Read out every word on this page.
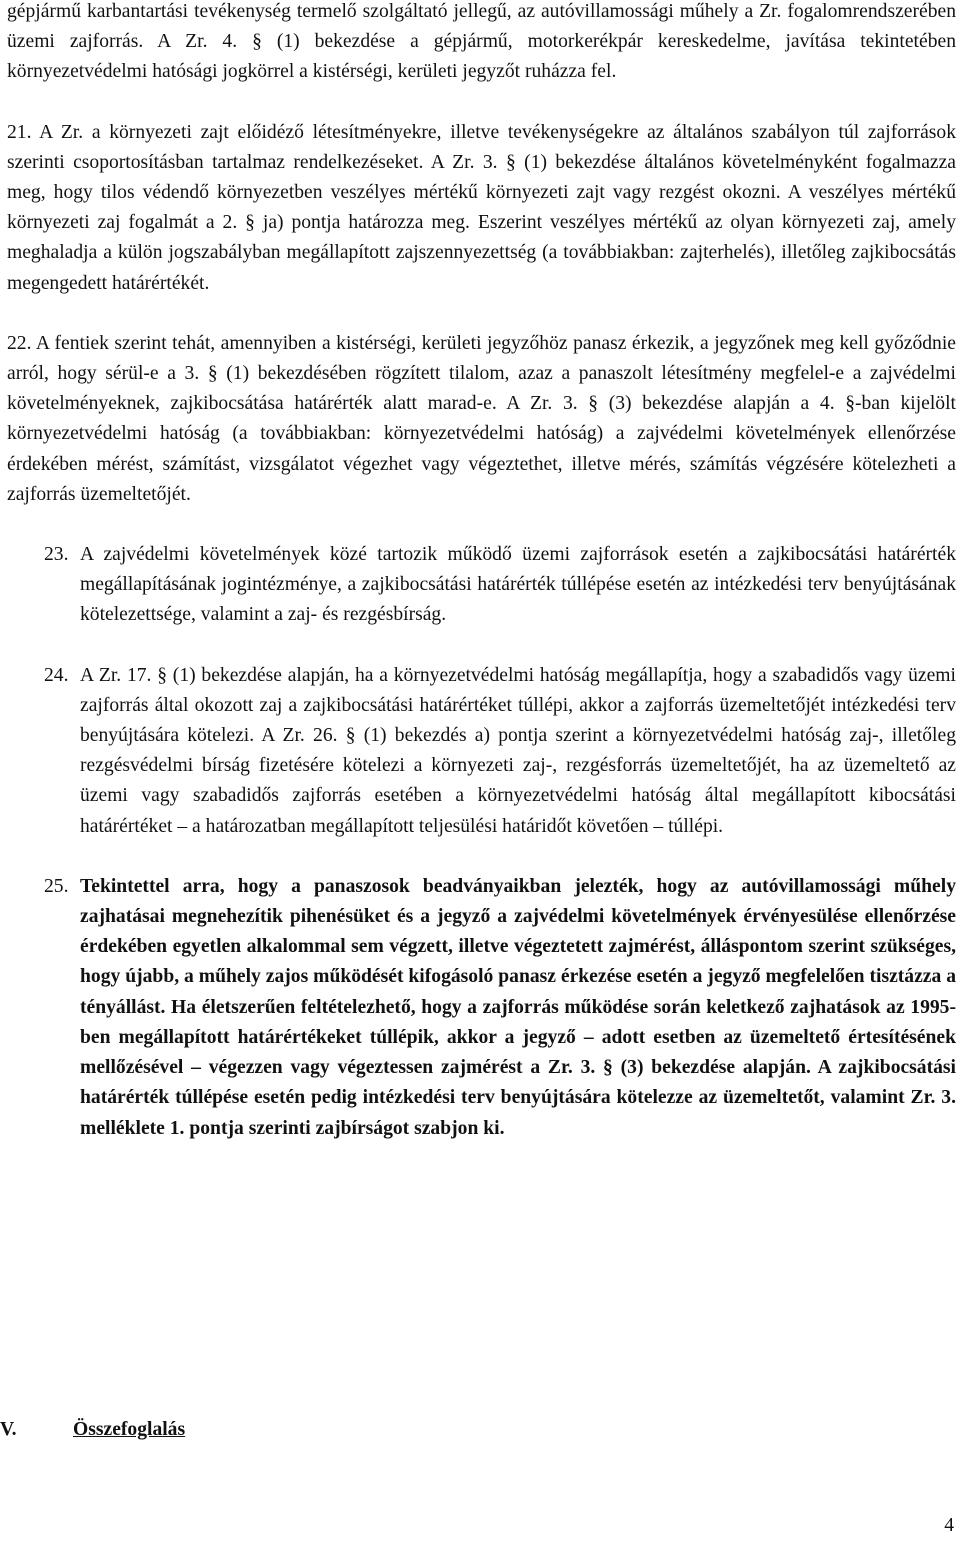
gépjármű karbantartási tevékenység termelő szolgáltató jellegű, az autóvillamossági műhely a Zr. fogalomrendszerében üzemi zajforrás. A Zr. 4. § (1) bekezdése a gépjármű, motorkerékpár kereskedelme, javítása tekintetében környezetvédelmi hatósági jogkörrel a kistérségi, kerületi jegyzőt ruházza fel.

21. A Zr. a környezeti zajt előidéző létesítményekre, illetve tevékenységekre az általános szabályon túl zajforrások szerinti csoportosításban tartalmaz rendelkezéseket. A Zr. 3. § (1) bekezdése általános követelményként fogalmazza meg, hogy tilos védendő környezetben veszélyes mértékű környezeti zajt vagy rezgést okozni. A veszélyes mértékű környezeti zaj fogalmát a 2. § ja) pontja határozza meg. Eszerint veszélyes mértékű az olyan környezeti zaj, amely meghaladja a külön jogszabályban megállapított zajszennyezettség (a továbbiakban: zajterhelés), illetőleg zajkibocsátás megengedett határértékét.

22. A fentiek szerint tehát, amennyiben a kistérségi, kerületi jegyzőhöz panasz érkezik, a jegyzőnek meg kell győződnie arról, hogy sérül-e a 3. § (1) bekezdésében rögzített tilalom, azaz a panaszolt létesítmény megfelel-e a zajvédelmi követelményeknek, zajkibocsátása határérték alatt marad-e. A Zr. 3. § (3) bekezdése alapján a 4. §-ban kijelölt környezetvédelmi hatóság (a továbbiakban: környezetvédelmi hatóság) a zajvédelmi követelmények ellenőrzése érdekében mérést, számítást, vizsgálatot végezhet vagy végeztethet, illetve mérés, számítás végzésére kötelezheti a zajforrás üzemeltetőjét.

23. A zajvédelmi követelmények közé tartozik működő üzemi zajforrások esetén a zajkibocsátási határérték megállapításának jogintézménye, a zajkibocsátási határérték túllépése esetén az intézkedési terv benyújtásának kötelezettsége, valamint a zaj- és rezgésbírság.
24. A Zr. 17. § (1) bekezdése alapján, ha a környezetvédelmi hatóság megállapítja, hogy a szabadidős vagy üzemi zajforrás által okozott zaj a zajkibocsátási határértéket túllépi, akkor a zajforrás üzemeltetőjét intézkedési terv benyújtására kötelezi. A Zr. 26. § (1) bekezdés a) pontja szerint a környezetvédelmi hatóság zaj-, illetőleg rezgésvédelmi bírság fizetésére kötelezi a környezeti zaj-, rezgésforrás üzemeltetőjét, ha az üzemeltető az üzemi vagy szabadidős zajforrás esetében a környezetvédelmi hatóság által megállapított kibocsátási határértéket – a határozatban megállapított teljesülési határidőt követően – túllépi.
25. Tekintettel arra, hogy a panaszosok beadványaikban jelezték, hogy az autóvillamossági műhely zajhatásai megnehezítik pihenésüket és a jegyző a zajvédelmi követelmények érvényesülése ellenőrzése érdekében egyetlen alkalommal sem végzett, illetve végeztetett zajmérést, álláspontom szerint szükséges, hogy újabb, a műhely zajos működését kifogásoló panasz érkezése esetén a jegyző megfelelően tisztázza a tényállást. Ha életszerűen feltételezhető, hogy a zajforrás működése során keletkező zajhatások az 1995-ben megállapított határértékeket túllépik, akkor a jegyző – adott esetben az üzemeltető értesítésének mellőzésével – végezzen vagy végeztessen zajmérést a Zr. 3. § (3) bekezdése alapján. A zajkibocsátási határérték túllépése esetén pedig intézkedési terv benyújtására kötelezze az üzemeltetőt, valamint Zr. 3. melléklete 1. pontja szerinti zajbírságot szabjon ki.
V.	Összefoglalás
4
